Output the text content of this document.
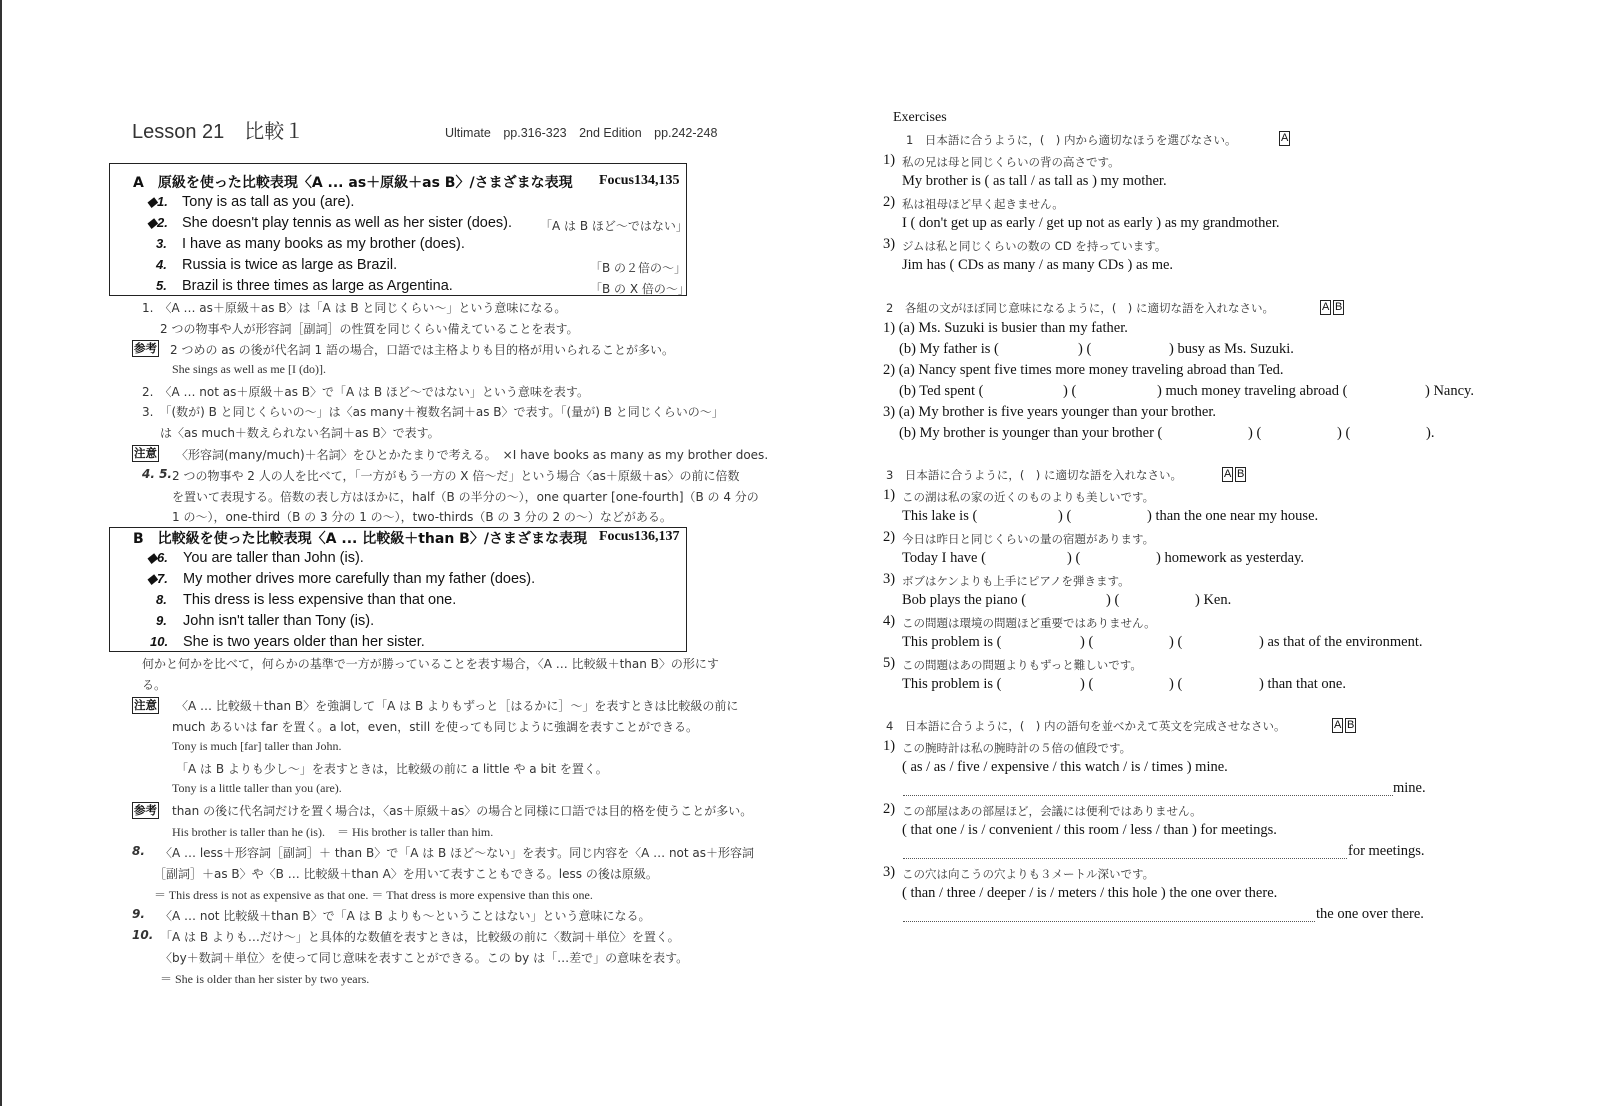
Lesson 21　比較１	Ultimate　pp.316-323　2nd Edition　pp.242-248
A　原級を使った比較表現〈A ... as＋原級＋as B〉/さまざまな表現 Focus134,135
◆1. Tony is as tall as you (are).
◆2. She doesn't play tennis as well as her sister (does). 「A は B ほど～ではない」
3. I have as many books as my brother (does).
4. Russia is twice as large as Brazil.	「B の２倍の～」
5. Brazil is three times as large as Argentina.	「B の X 倍の～」
1.　〈A … as＋原級＋as B〉は「A は B と同じくらい～」という意味になる。
2 つの物事や人が形容詞［副詞］の性質を同じくらい備えていることを表す。
参考 2 つめの as の後が代名詞 1 語の場合，口語では主格よりも目的格が用いられることが多い。
She sings as well as me [I (do)].
2.　〈A … not as＋原級＋as B〉で「A は B ほど～ではない」という意味を表す。
3.　「(数が) B と同じくらいの～」は〈as many＋複数名詞＋as B〉で表す。「(量が) B と同じくらいの～」
は〈as much＋数えられない名詞＋as B〉で表す。
注意 〈形容詞(many/much)＋名詞〉をひとかたまりで考える。　×I have books as many as my brother does.
4. 5. 2 つの物事や 2 人の人を比べて，「一方がもう一方の X 倍～だ」という場合〈as＋原級＋as〉の前に倍数
を置いて表現する。倍数の表し方はほかに，half（B の半分の～），one quarter [one-fourth]（B の 4 分の
1 の～），one-third（B の 3 分の 1 の～），two-thirds（B の 3 分の 2 の～）などがある。
B　比較級を使った比較表現〈A ... 比較級＋than B〉/さまざまな表現 Focus136,137
◆6. You are taller than John (is).
◆7. My mother drives more carefully than my father (does).
8. This dress is less expensive than that one.
9. John isn't taller than Tony (is).
10. She is two years older than her sister.
何かと何かを比べて，何らかの基準で一方が勝っていることを表す場合，〈A … 比較級＋than B〉の形にす
る。
注意 〈A … 比較級＋than B〉を強調して「A は B よりもずっと［はるかに］～」を表すときは比較級の前に
much あるいは far を置く。a lot，even，still を使っても同じように強調を表すことができる。
Tony is much [far] taller than John.
「A は B よりも少し～」を表すときは，比較級の前に a little や a bit を置く。
Tony is a little taller than you (are).
参考 than の後に代名詞だけを置く場合は，〈as＋原級＋as〉の場合と同様に口語では目的格を使うことが多い。
His brother is taller than he (is).　＝ His brother is taller than him.
8. 〈A … less＋形容詞［副詞］＋ than B〉で「A は B ほど～ない」を表す。同じ内容を〈A … not as＋形容詞
［副詞］＋as B〉や〈B … 比較級＋than A〉を用いて表すこともできる。less の後は原級。
＝ This dress is not as expensive as that one. ＝ That dress is more expensive than this one.
9. 〈A … not 比較級＋than B〉で「A は B よりも～ということはない」という意味になる。
10. 「A は B よりも…だけ～」と具体的な数値を表すときは，比較級の前に〈数詞＋単位〉を置く。
〈by＋数詞＋単位〉を使って同じ意味を表すことができる。この by は「…差で」の意味を表す。
＝ She is older than her sister by two years.
Exercises
1　日本語に合うように，(　) 内から適切なほうを選びなさい。	A
1) 私の兄は母と同じくらいの背の高さです。
My brother is ( as tall / as tall as ) my mother.
2) 私は祖母ほど早く起きません。
I ( don't get up as early / get up not as early ) as my grandmother.
3) ジムは私と同じくらいの数の CD を持っています。
Jim has ( CDs as many / as many CDs ) as me.
2　各組の文がほぼ同じ意味になるように，(　) に適切な語を入れなさい。	A B
1) (a) Ms. Suzuki is busier than my father.
(b) My father is (	) (	) busy as Ms. Suzuki.
2) (a) Nancy spent five times more money traveling abroad than Ted.
(b) Ted spent (	) (	) much money traveling abroad (	) Nancy.
3) (a) My brother is five years younger than your brother.
(b) My brother is younger than your brother (	) (	) (	).
3　日本語に合うように，(　) に適切な語を入れなさい。	A B
1) この湖は私の家の近くのものよりも美しいです。
This lake is (	) (	) than the one near my house.
2) 今日は昨日と同じくらいの量の宿題があります。
Today I have (	) (	) homework as yesterday.
3) ボブはケンよりも上手にピアノを弾きます。
Bob plays the piano (	) (	) Ken.
4) この問題は環境の問題ほど重要ではありません。
This problem is (	) (	) (	) as that of the environment.
5) この問題はあの問題よりもずっと難しいです。
This problem is (	) (	) (	) than that one.
4　日本語に合うように，(　) 内の語句を並べかえて英文を完成させなさい。	A B
1) この腕時計は私の腕時計の５倍の値段です。
( as / as / five / expensive / this watch / is / times ) mine.
mine.
2) この部屋はあの部屋ほど，会議には便利ではありません。
( that one / is / convenient / this room / less / than ) for meetings.
for meetings.
3) この穴は向こうの穴よりも３メートル深いです。
( than / three / deeper / is / meters / this hole ) the one over there.
the one over there.
